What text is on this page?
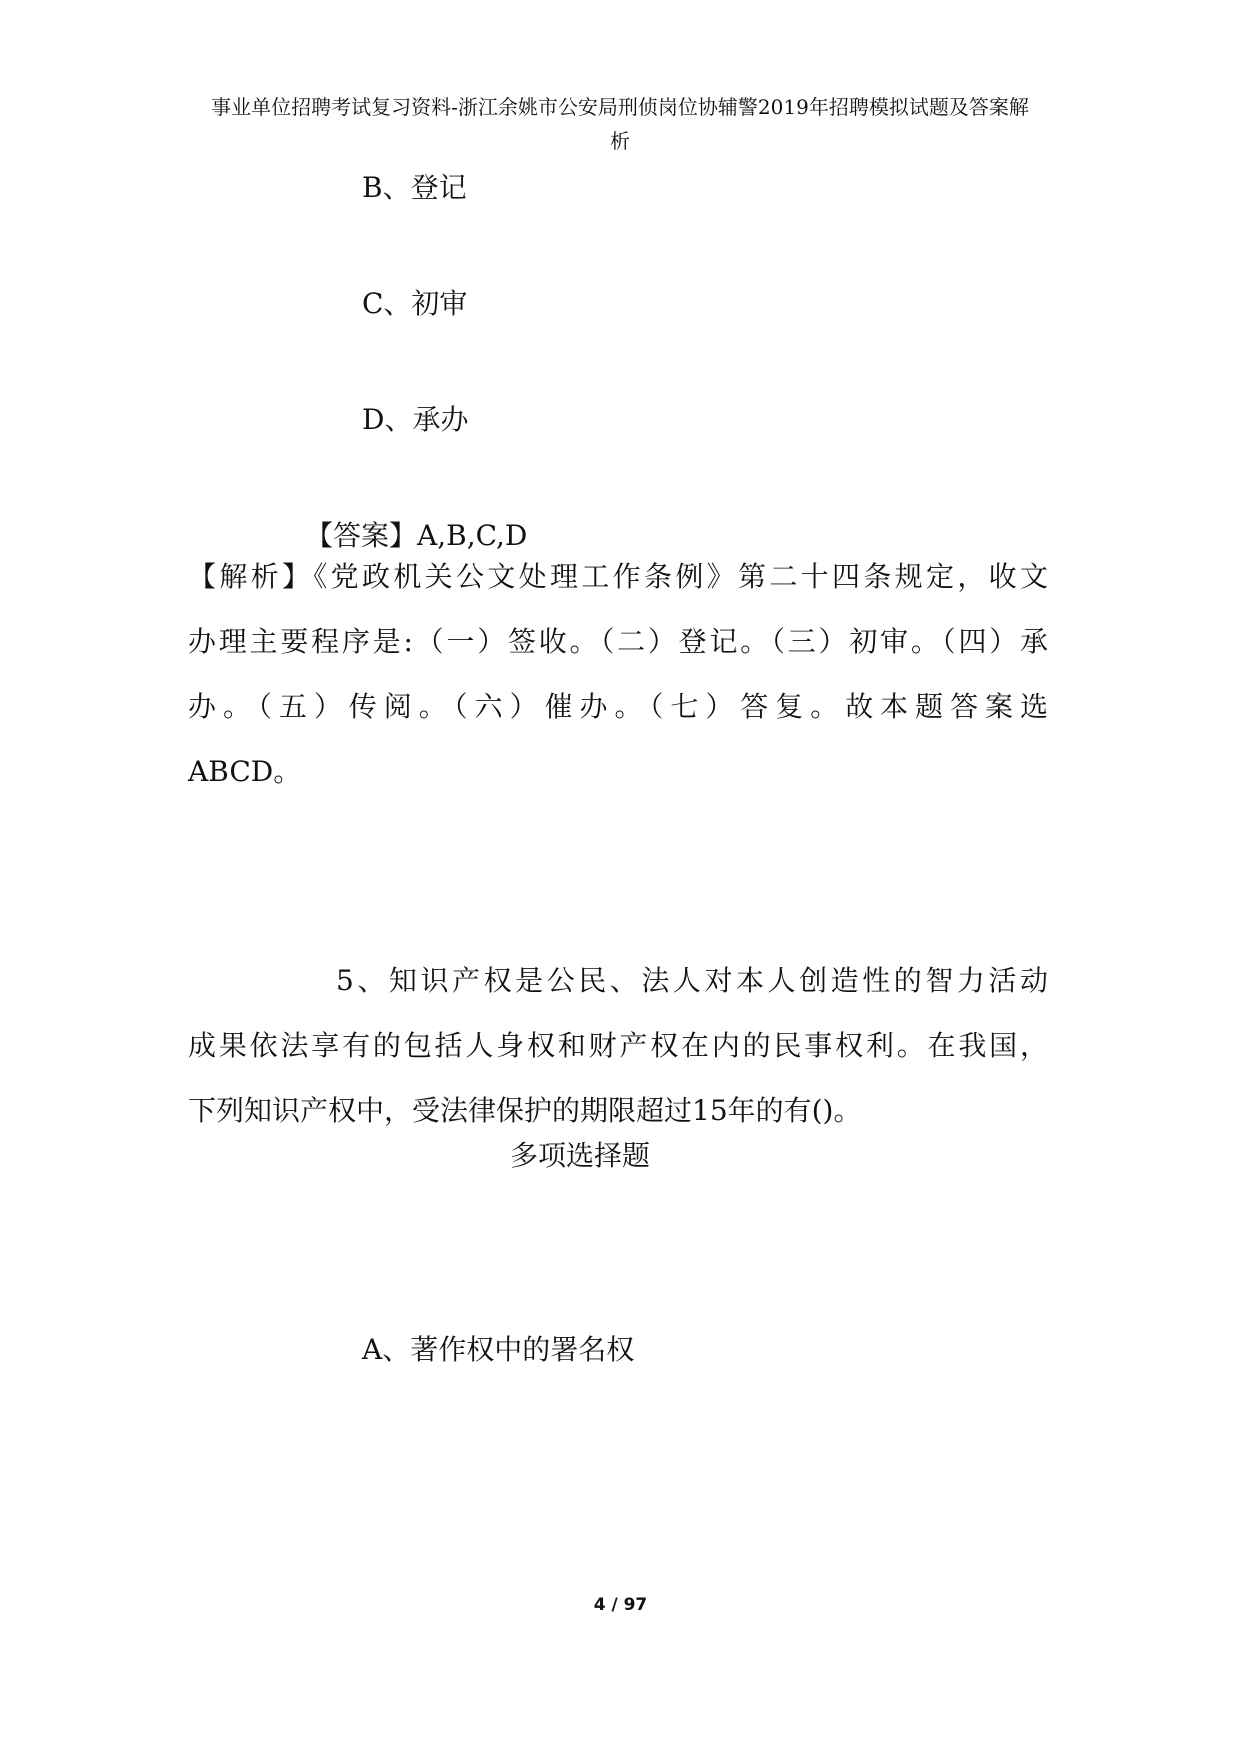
事业单位招聘考试复习资料-浙江余姚市公安局刑侦岗位协辅警2019年招聘模拟试题及答案解
析
B、登记
C、初审
D、承办
【答案】A,B,C,D
【解析】《党政机关公文处理工作条例》第二十四条规定，收文
办理主要程序是:（一）签收。（二）登记。（三）初审。（四）承
办。（五）传阅。（六）催办。（七）答复。故本题答案选
ABCD。
5、知识产权是公民、法人对本人创造性的智力活动
成果依法享有的包括人身权和财产权在内的民事权利。在我国，
下列知识产权中，受法律保护的期限超过15年的有()。
多项选择题
A、著作权中的署名权
4 / 97
